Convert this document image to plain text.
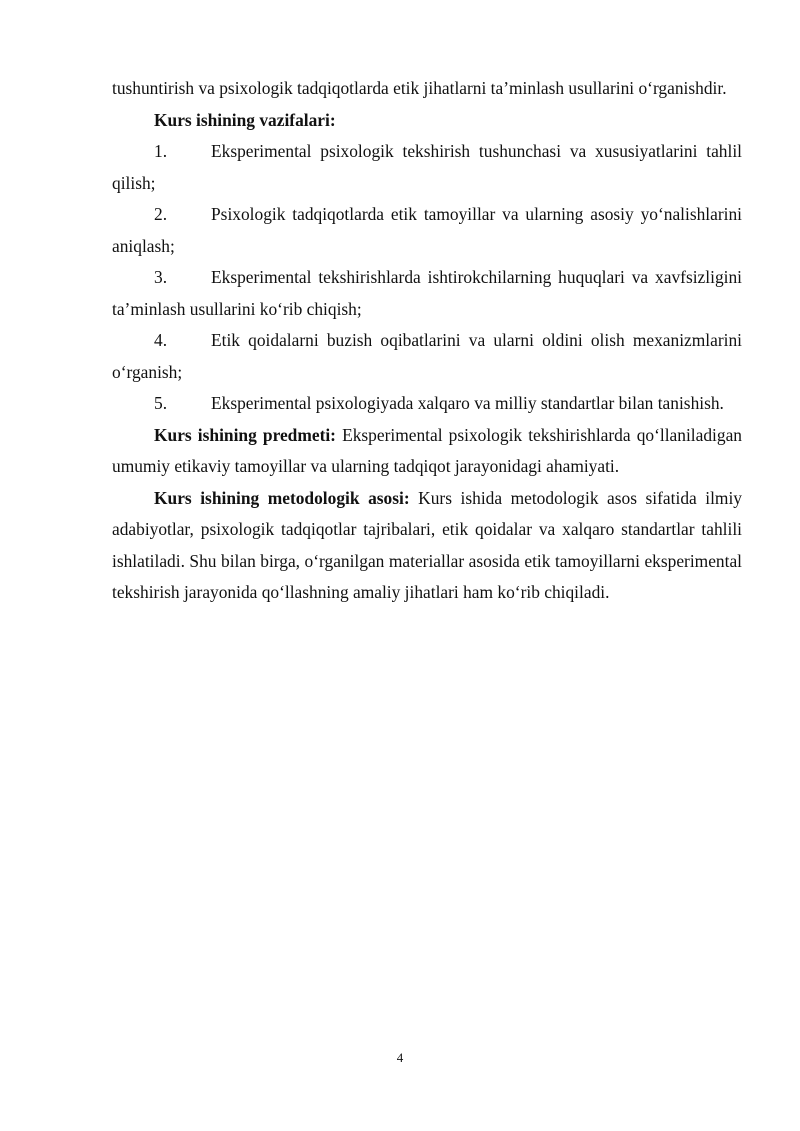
tushuntirish va psixologik tadqiqotlarda etik jihatlarni ta’minlash usullarini o‘rganishdir.

Kurs ishining vazifalari:

1.	Eksperimental psixologik tekshirish tushunchasi va xususiyatlarini tahlil qilish;

2.	Psixologik tadqiqotlarda etik tamoyillar va ularning asosiy yo‘nalishlarini aniqlash;

3.	Eksperimental tekshirishlarda ishtirokchilarning huquqlari va xavfsizligini ta’minlash usullarini ko‘rib chiqish;

4.	Etik qoidalarni buzish oqibatlarini va ularni oldini olish mexanizmlarini o‘rganish;

5.	Eksperimental psixologiyada xalqaro va milliy standartlar bilan tanishish.

Kurs ishining predmeti: Eksperimental psixologik tekshirishlarda qo‘llaniladigan umumiy etikaviy tamoyillar va ularning tadqiqot jarayonidagi ahamiyati.

Kurs ishining metodologik asosi: Kurs ishida metodologik asos sifatida ilmiy adabiyotlar, psixologik tadqiqotlar tajribalari, etik qoidalar va xalqaro standartlar tahlili ishlatiladi. Shu bilan birga, o‘rganilgan materiallar asosida etik tamoyillarni eksperimental tekshirish jarayonida qo‘llashning amaliy jihatlari ham ko‘rib chiqiladi.

4
